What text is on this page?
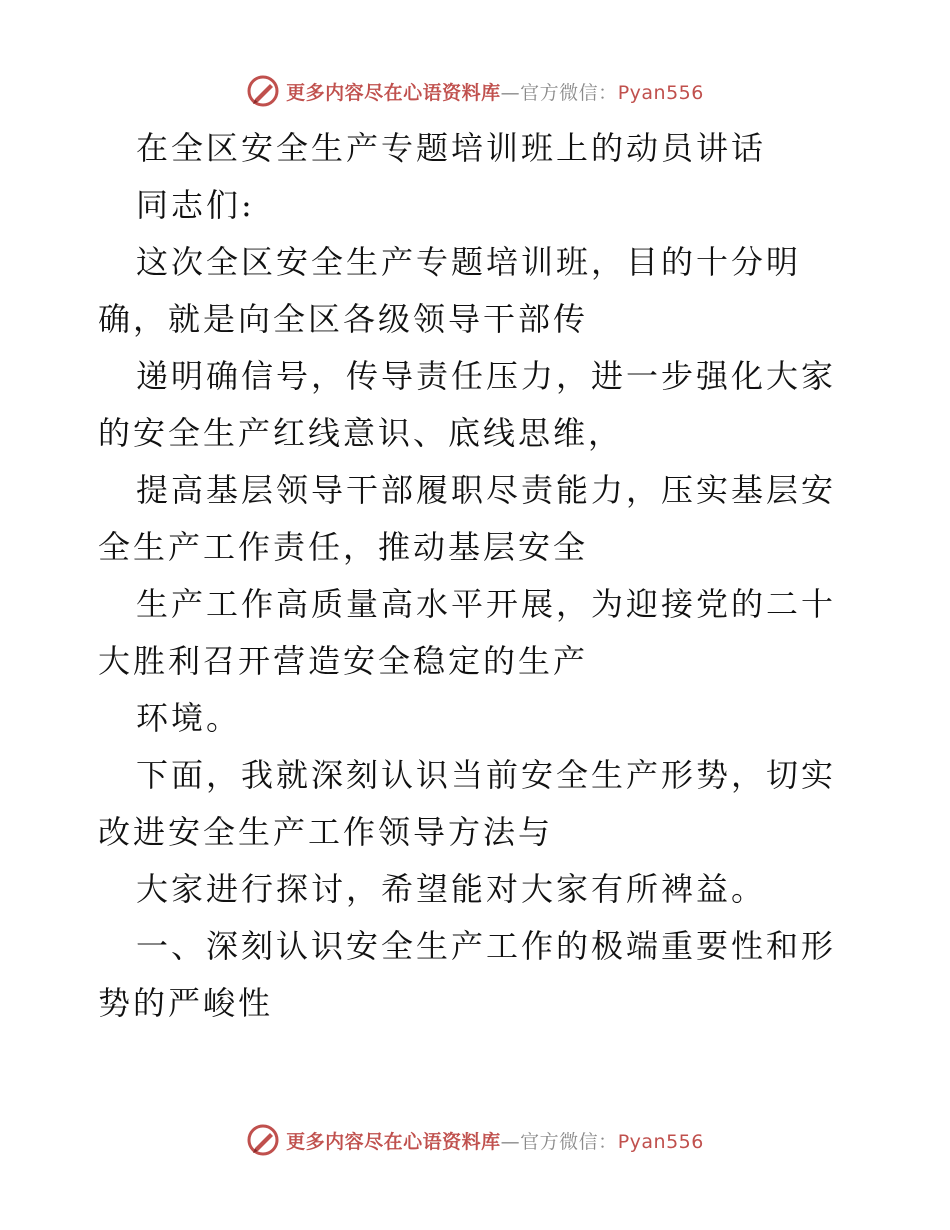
更多内容尽在心语资料库—官方微信：Pyan556

在全区安全生产专题培训班上的动员讲话

同志们:

这次全区安全生产专题培训班，目的十分明确，就是向全区各级领导干部传

递明确信号，传导责任压力，进一步强化大家的安全生产红线意识、底线思维，

提高基层领导干部履职尽责能力，压实基层安全生产工作责任，推动基层安全

生产工作高质量高水平开展，为迎接党的二十大胜利召开营造安全稳定的生产

环境。

下面，我就深刻认识当前安全生产形势，切实改进安全生产工作领导方法与

大家进行探讨，希望能对大家有所裨益。

一、深刻认识安全生产工作的极端重要性和形势的严峻性

更多内容尽在心语资料库—官方微信：Pyan556
